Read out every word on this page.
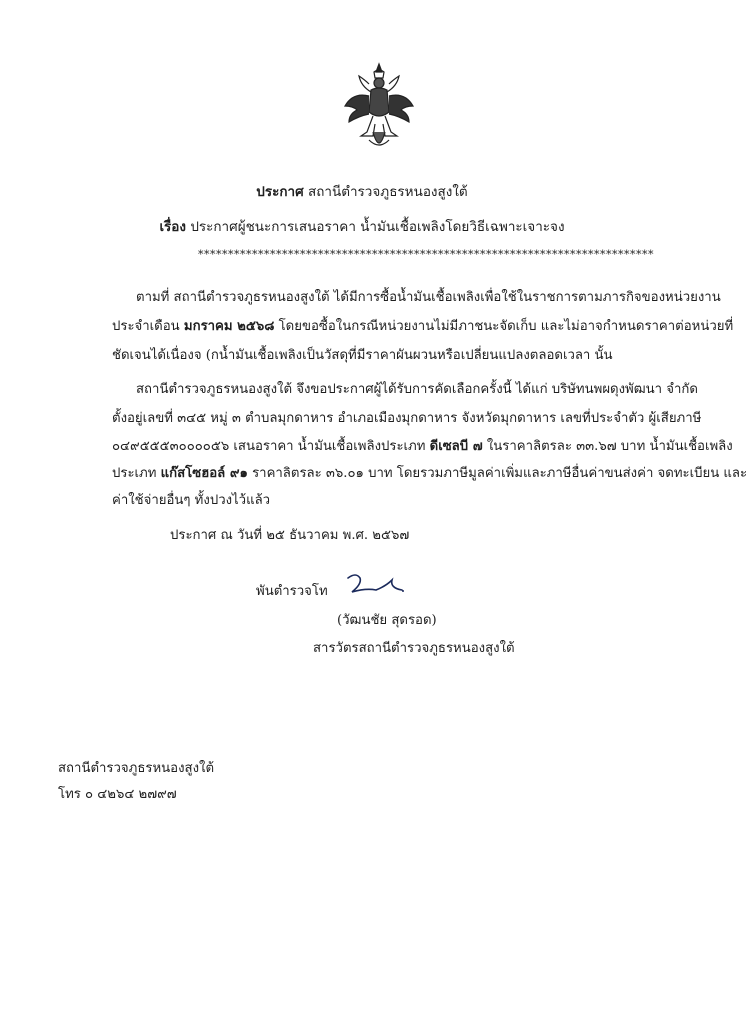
ประกาศ สถานีตำรวจภูธรหนองสูงใต้
เรื่อง ประกาศผู้ชนะการเสนอราคา น้ำมันเชื้อเพลิงโดยวิธีเฉพาะเจาะจง
****************************************************************************
ตามที่ สถานีตำรวจภูธรหนองสูงใต้ ได้มีการซื้อน้ำมันเชื้อเพลิงเพื่อใช้ในราชการตามภารกิจของหน่วยงาน
ประจำเดือน มกราคม ๒๕๖๘ โดยขอซื้อในกรณีหน่วยงานไม่มีภาชนะจัดเก็บ และไม่อาจกำหนดราคาต่อหน่วยที่
ชัดเจนได้เนื่องจ (กน้ำมันเชื้อเพลิงเป็นวัสดุที่มีราคาผันผวนหรือเปลี่ยนแปลงตลอดเวลา นั้น
สถานีตำรวจภูธรหนองสูงใต้ จึงขอประกาศผู้ได้รับการคัดเลือกครั้งนี้ ได้แก่ บริษัทนพผดุงพัฒนา จำกัด
ตั้งอยู่เลขที่ ๓๔๕ หมู่ ๓ ตำบลมุกดาหาร อำเภอเมืองมุกดาหาร จังหวัดมุกดาหาร เลขที่ประจำตัว ผู้เสียภาษี
๐๔๙๕๕๕๓๐๐๐๐๕๖ เสนอราคา น้ำมันเชื้อเพลิงประเภท ดีเซลบี ๗ ในราคาลิตรละ ๓๓.๖๗ บาท น้ำมันเชื้อเพลิง
ประเภท แก๊สโซฮอล์ ๙๑ ราคาลิตรละ ๓๖.๐๑ บาท โดยรวมภาษีมูลค่าเพิ่มและภาษีอื่นค่าขนส่งค่า จดทะเบียน และ
ค่าใช้จ่ายอื่นๆ ทั้งปวงไว้แล้ว
ประกาศ ณ วันที่ ๒๕ ธันวาคม พ.ศ. ๒๕๖๗
พันตำรวจโท
(วัฒนชัย สุดรอด)
สารวัตรสถานีตำรวจภูธรหนองสูงใต้
สถานีตำรวจภูธรหนองสูงใต้
โทร ๐ ๔๒๖๔ ๒๗๙๗
